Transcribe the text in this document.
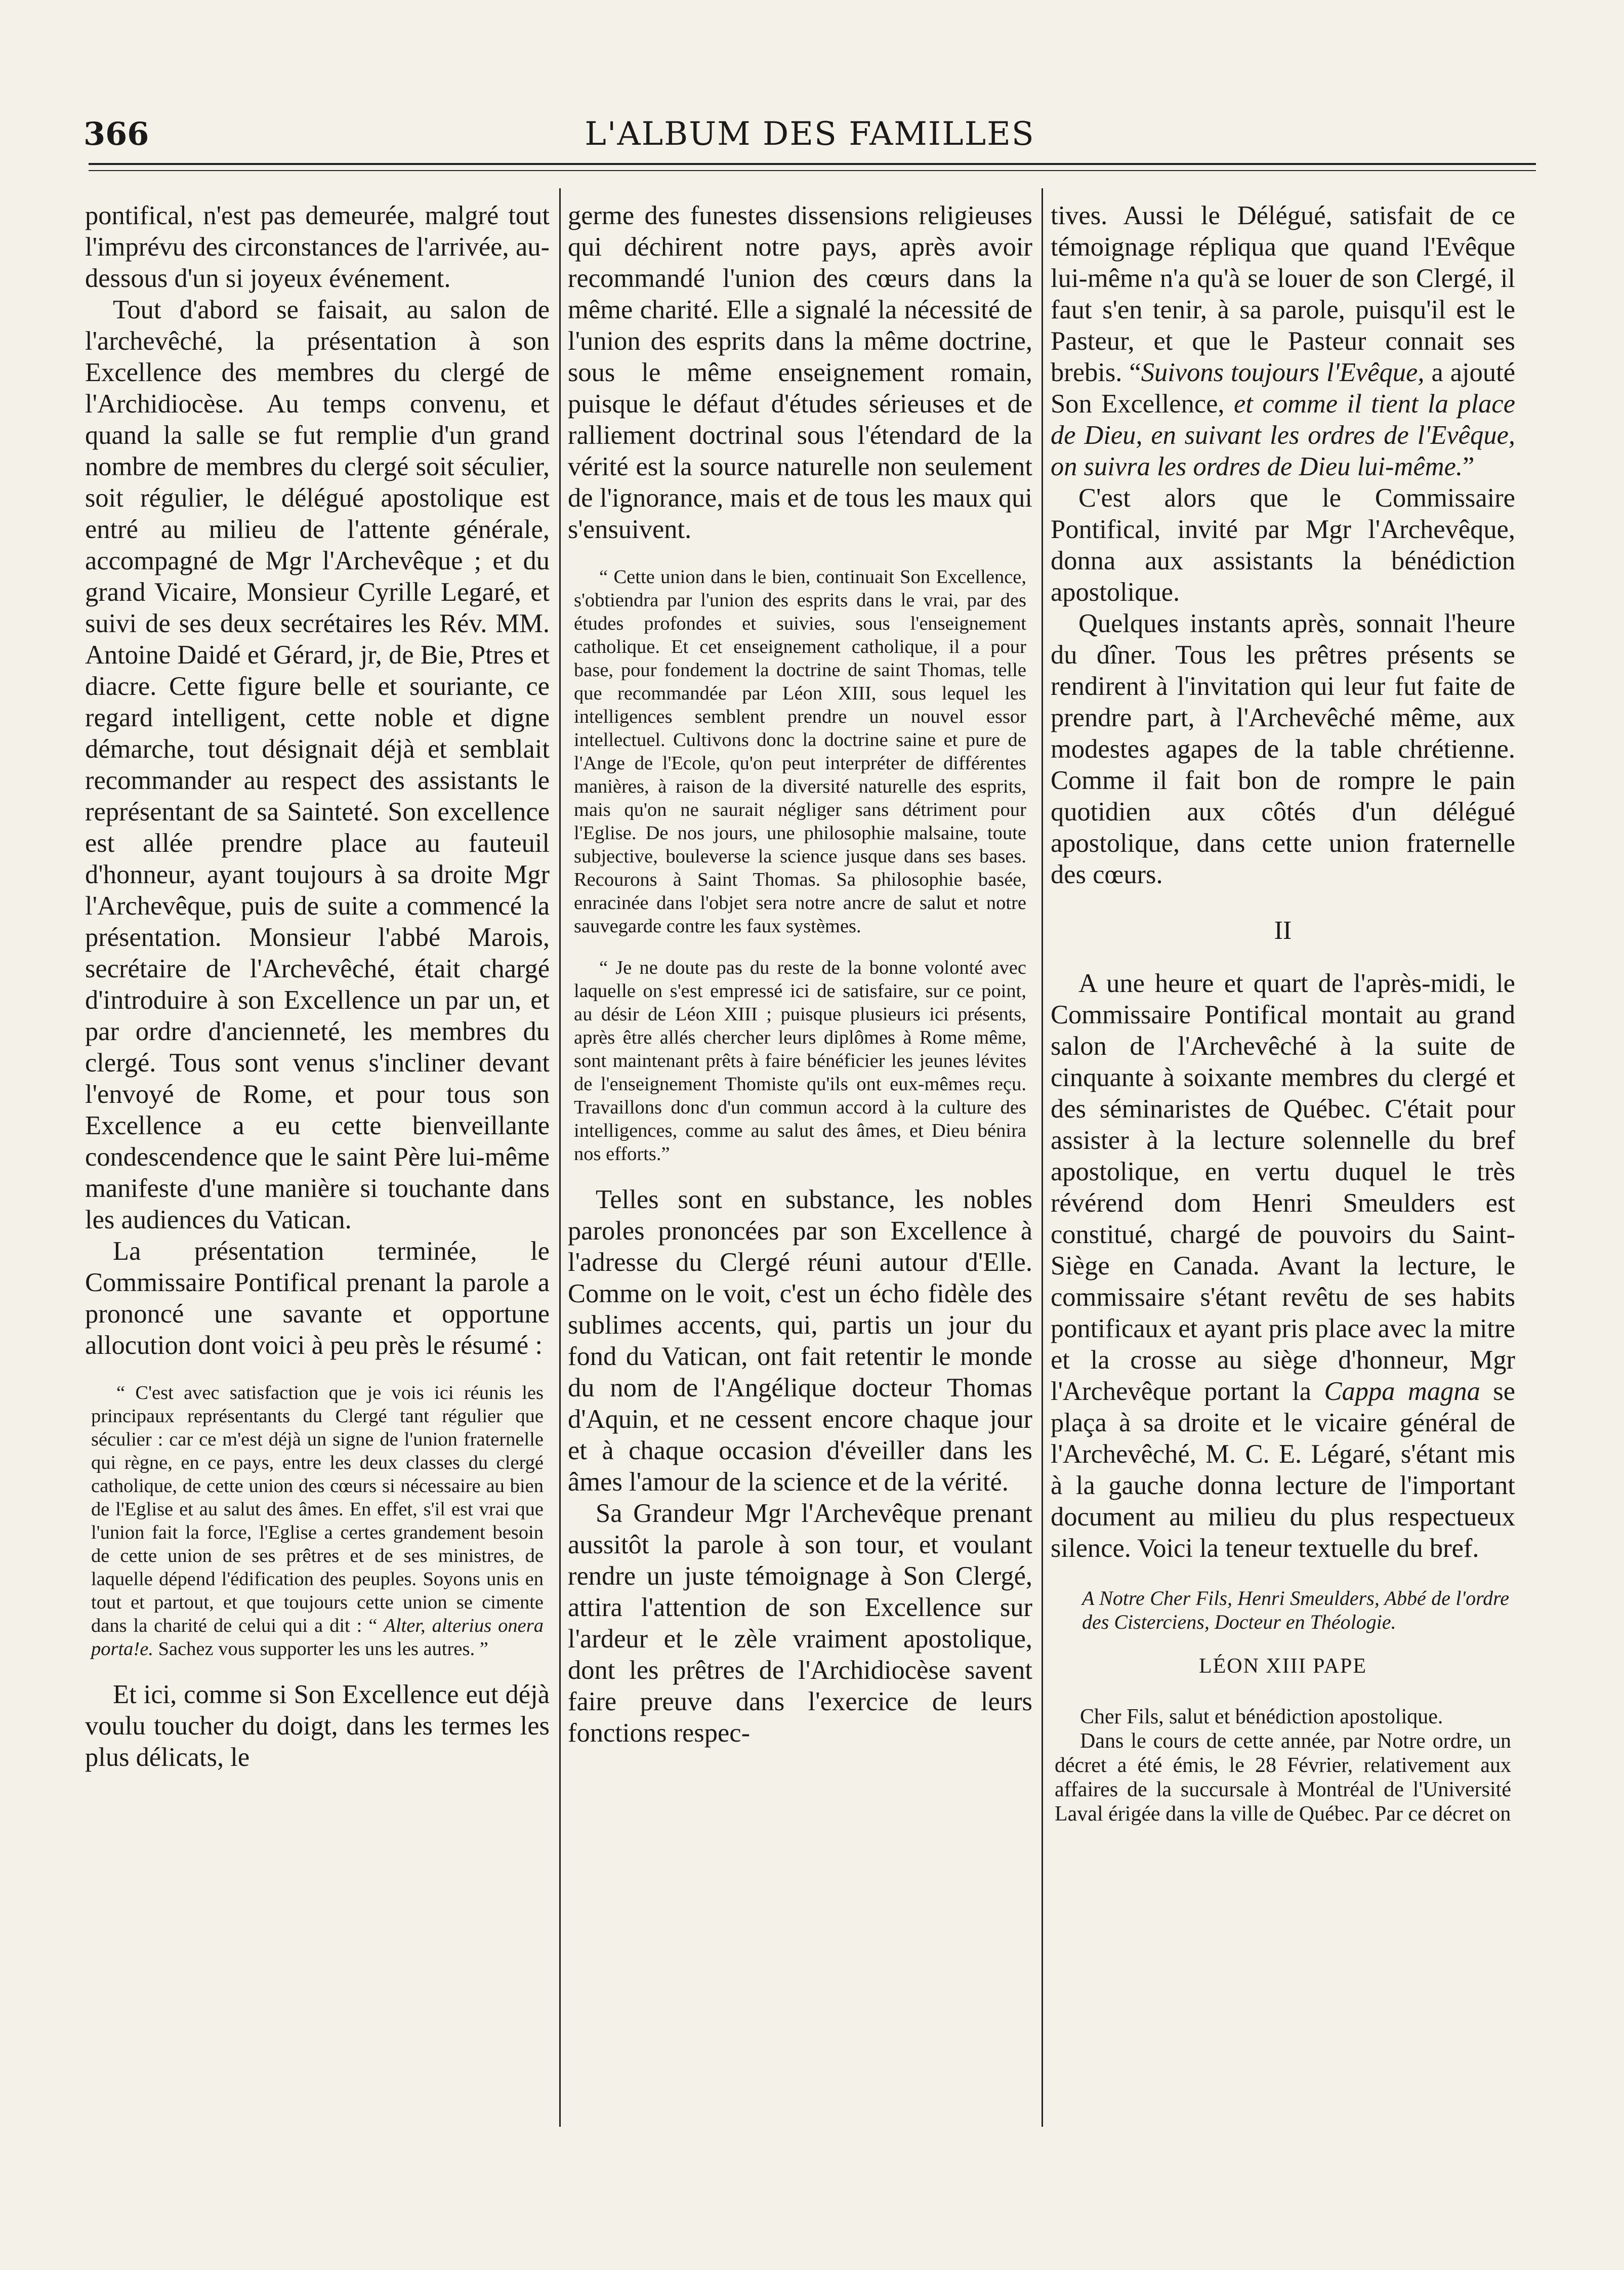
366	L'ALBUM DES FAMILLES

pontifical, n'est pas demeurée, malgré tout l'imprévu des circonstances de l'arrivée, au-dessous d'un si joyeux événement.

Tout d'abord se faisait, au salon de l'archevêché, la présentation à son Excellence des membres du clergé de l'Archidiocèse. Au temps convenu, et quand la salle se fut remplie d'un grand nombre de membres du clergé soit séculier, soit régulier, le délégué apostolique est entré au milieu de l'attente générale, accompagné de Mgr l'Archevêque ; et du grand Vicaire, Monsieur Cyrille Legaré, et suivi de ses deux secrétaires les Rév. MM. Antoine Daidé et Gérard, jr, de Bie, Ptres et diacre. Cette figure belle et souriante, ce regard intelligent, cette noble et digne démarche, tout désignait déjà et semblait recommander au respect des assistants le représentant de sa Sainteté. Son excellence est allée prendre place au fauteuil d'honneur, ayant toujours à sa droite Mgr l'Archevêque, puis de suite a commencé la présentation. Monsieur l'abbé Marois, secrétaire de l'Archevêché, était chargé d'introduire à son Excellence un par un, et par ordre d'ancienneté, les membres du clergé. Tous sont venus s'incliner devant l'envoyé de Rome, et pour tous son Excellence a eu cette bienveillante condescendence que le saint Père lui-même manifeste d'une manière si touchante dans les audiences du Vatican.

La présentation terminée, le Commissaire Pontifical prenant la parole a prononcé une savante et opportune allocution dont voici à peu près le résumé :

“ C'est avec satisfaction que je vois ici réunis les principaux représentants du Clergé tant régulier que séculier : car ce m'est déjà un signe de l'union fraternelle qui règne, en ce pays, entre les deux classes du clergé catholique, de cette union des cœurs si nécessaire au bien de l'Eglise et au salut des âmes. En effet, s'il est vrai que l'union fait la force, l'Eglise a certes grandement besoin de cette union de ses prêtres et de ses ministres, de laquelle dépend l'édification des peuples. Soyons unis en tout et partout, et que toujours cette union se cimente dans la charité de celui qui a dit : “ Alter, alterius onera porta!e. Sachez vous supporter les uns les autres. ”

Et ici, comme si Son Excellence eut déjà voulu toucher du doigt, dans les termes les plus délicats, le

germe des funestes dissensions religieuses qui déchirent notre pays, après avoir recommandé l'union des cœurs dans la même charité. Elle a signalé la nécessité de l'union des esprits dans la même doctrine, sous le même enseignement romain, puisque le défaut d'études sérieuses et de ralliement doctrinal sous l'étendard de la vérité est la source naturelle non seulement de l'ignorance, mais et de tous les maux qui s'ensuivent.

“ Cette union dans le bien, continuait Son Excellence, s'obtiendra par l'union des esprits dans le vrai, par des études profondes et suivies, sous l'enseignement catholique. Et cet enseignement catholique, il a pour base, pour fondement la doctrine de saint Thomas, telle que recommandée par Léon XIII, sous lequel les intelligences semblent prendre un nouvel essor intellectuel. Cultivons donc la doctrine saine et pure de l'Ange de l'Ecole, qu'on peut interpréter de différentes manières, à raison de la diversité naturelle des esprits, mais qu'on ne saurait négliger sans détriment pour l'Eglise. De nos jours, une philosophie malsaine, toute subjective, bouleverse la science jusque dans ses bases. Recourons à Saint Thomas. Sa philosophie basée, enracinée dans l'objet sera notre ancre de salut et notre sauvegarde contre les faux systèmes.

“ Je ne doute pas du reste de la bonne volonté avec laquelle on s'est empressé ici de satisfaire, sur ce point, au désir de Léon XIII ; puisque plusieurs ici présents, après être allés chercher leurs diplômes à Rome même, sont maintenant prêts à faire bénéficier les jeunes lévites de l'enseignement Thomiste qu'ils ont eux-mêmes reçu. Travaillons donc d'un commun accord à la culture des intelligences, comme au salut des âmes, et Dieu bénira nos efforts.”

Telles sont en substance, les nobles paroles prononcées par son Excellence à l'adresse du Clergé réuni autour d'Elle. Comme on le voit, c'est un écho fidèle des sublimes accents, qui, partis un jour du fond du Vatican, ont fait retentir le monde du nom de l'Angélique docteur Thomas d'Aquin, et ne cessent encore chaque jour et à chaque occasion d'éveiller dans les âmes l'amour de la science et de la vérité.

Sa Grandeur Mgr l'Archevêque prenant aussitôt la parole à son tour, et voulant rendre un juste témoignage à Son Clergé, attira l'attention de son Excellence sur l'ardeur et le zèle vraiment apostolique, dont les prêtres de l'Archidiocèse savent faire preuve dans l'exercice de leurs fonctions respec-

tives. Aussi le Délégué, satisfait de ce témoignage répliqua que quand l'Evêque lui-même n'a qu'à se louer de son Clergé, il faut s'en tenir, à sa parole, puisqu'il est le Pasteur, et que le Pasteur connait ses brebis. “Suivons toujours l'Evêque, a ajouté Son Excellence, et comme il tient la place de Dieu, en suivant les ordres de l'Evêque, on suivra les ordres de Dieu lui-même.”

C'est alors que le Commissaire Pontifical, invité par Mgr l'Archevêque, donna aux assistants la bénédiction apostolique.

Quelques instants après, sonnait l'heure du dîner. Tous les prêtres présents se rendirent à l'invitation qui leur fut faite de prendre part, à l'Archevêché même, aux modestes agapes de la table chrétienne. Comme il fait bon de rompre le pain quotidien aux côtés d'un délégué apostolique, dans cette union fraternelle des cœurs.

II

A une heure et quart de l'après-midi, le Commissaire Pontifical montait au grand salon de l'Archevêché à la suite de cinquante à soixante membres du clergé et des séminaristes de Québec. C'était pour assister à la lecture solennelle du bref apostolique, en vertu duquel le très révérend dom Henri Smeulders est constitué, chargé de pouvoirs du Saint-Siège en Canada. Avant la lecture, le commissaire s'étant revêtu de ses habits pontificaux et ayant pris place avec la mitre et la crosse au siège d'honneur, Mgr l'Archevêque portant la Cappa magna se plaça à sa droite et le vicaire général de l'Archevêché, M. C. E. Légaré, s'étant mis à la gauche donna lecture de l'important document au milieu du plus respectueux silence. Voici la teneur textuelle du bref.

A Notre Cher Fils, Henri Smeulders, Abbé de l'ordre des Cisterciens, Docteur en Théologie.

LÉON XIII PAPE

Cher Fils, salut et bénédiction apostolique.

Dans le cours de cette année, par Notre ordre, un décret a été émis, le 28 Février, relativement aux affaires de la succursale à Montréal de l'Université Laval érigée dans la ville de Québec. Par ce décret on
